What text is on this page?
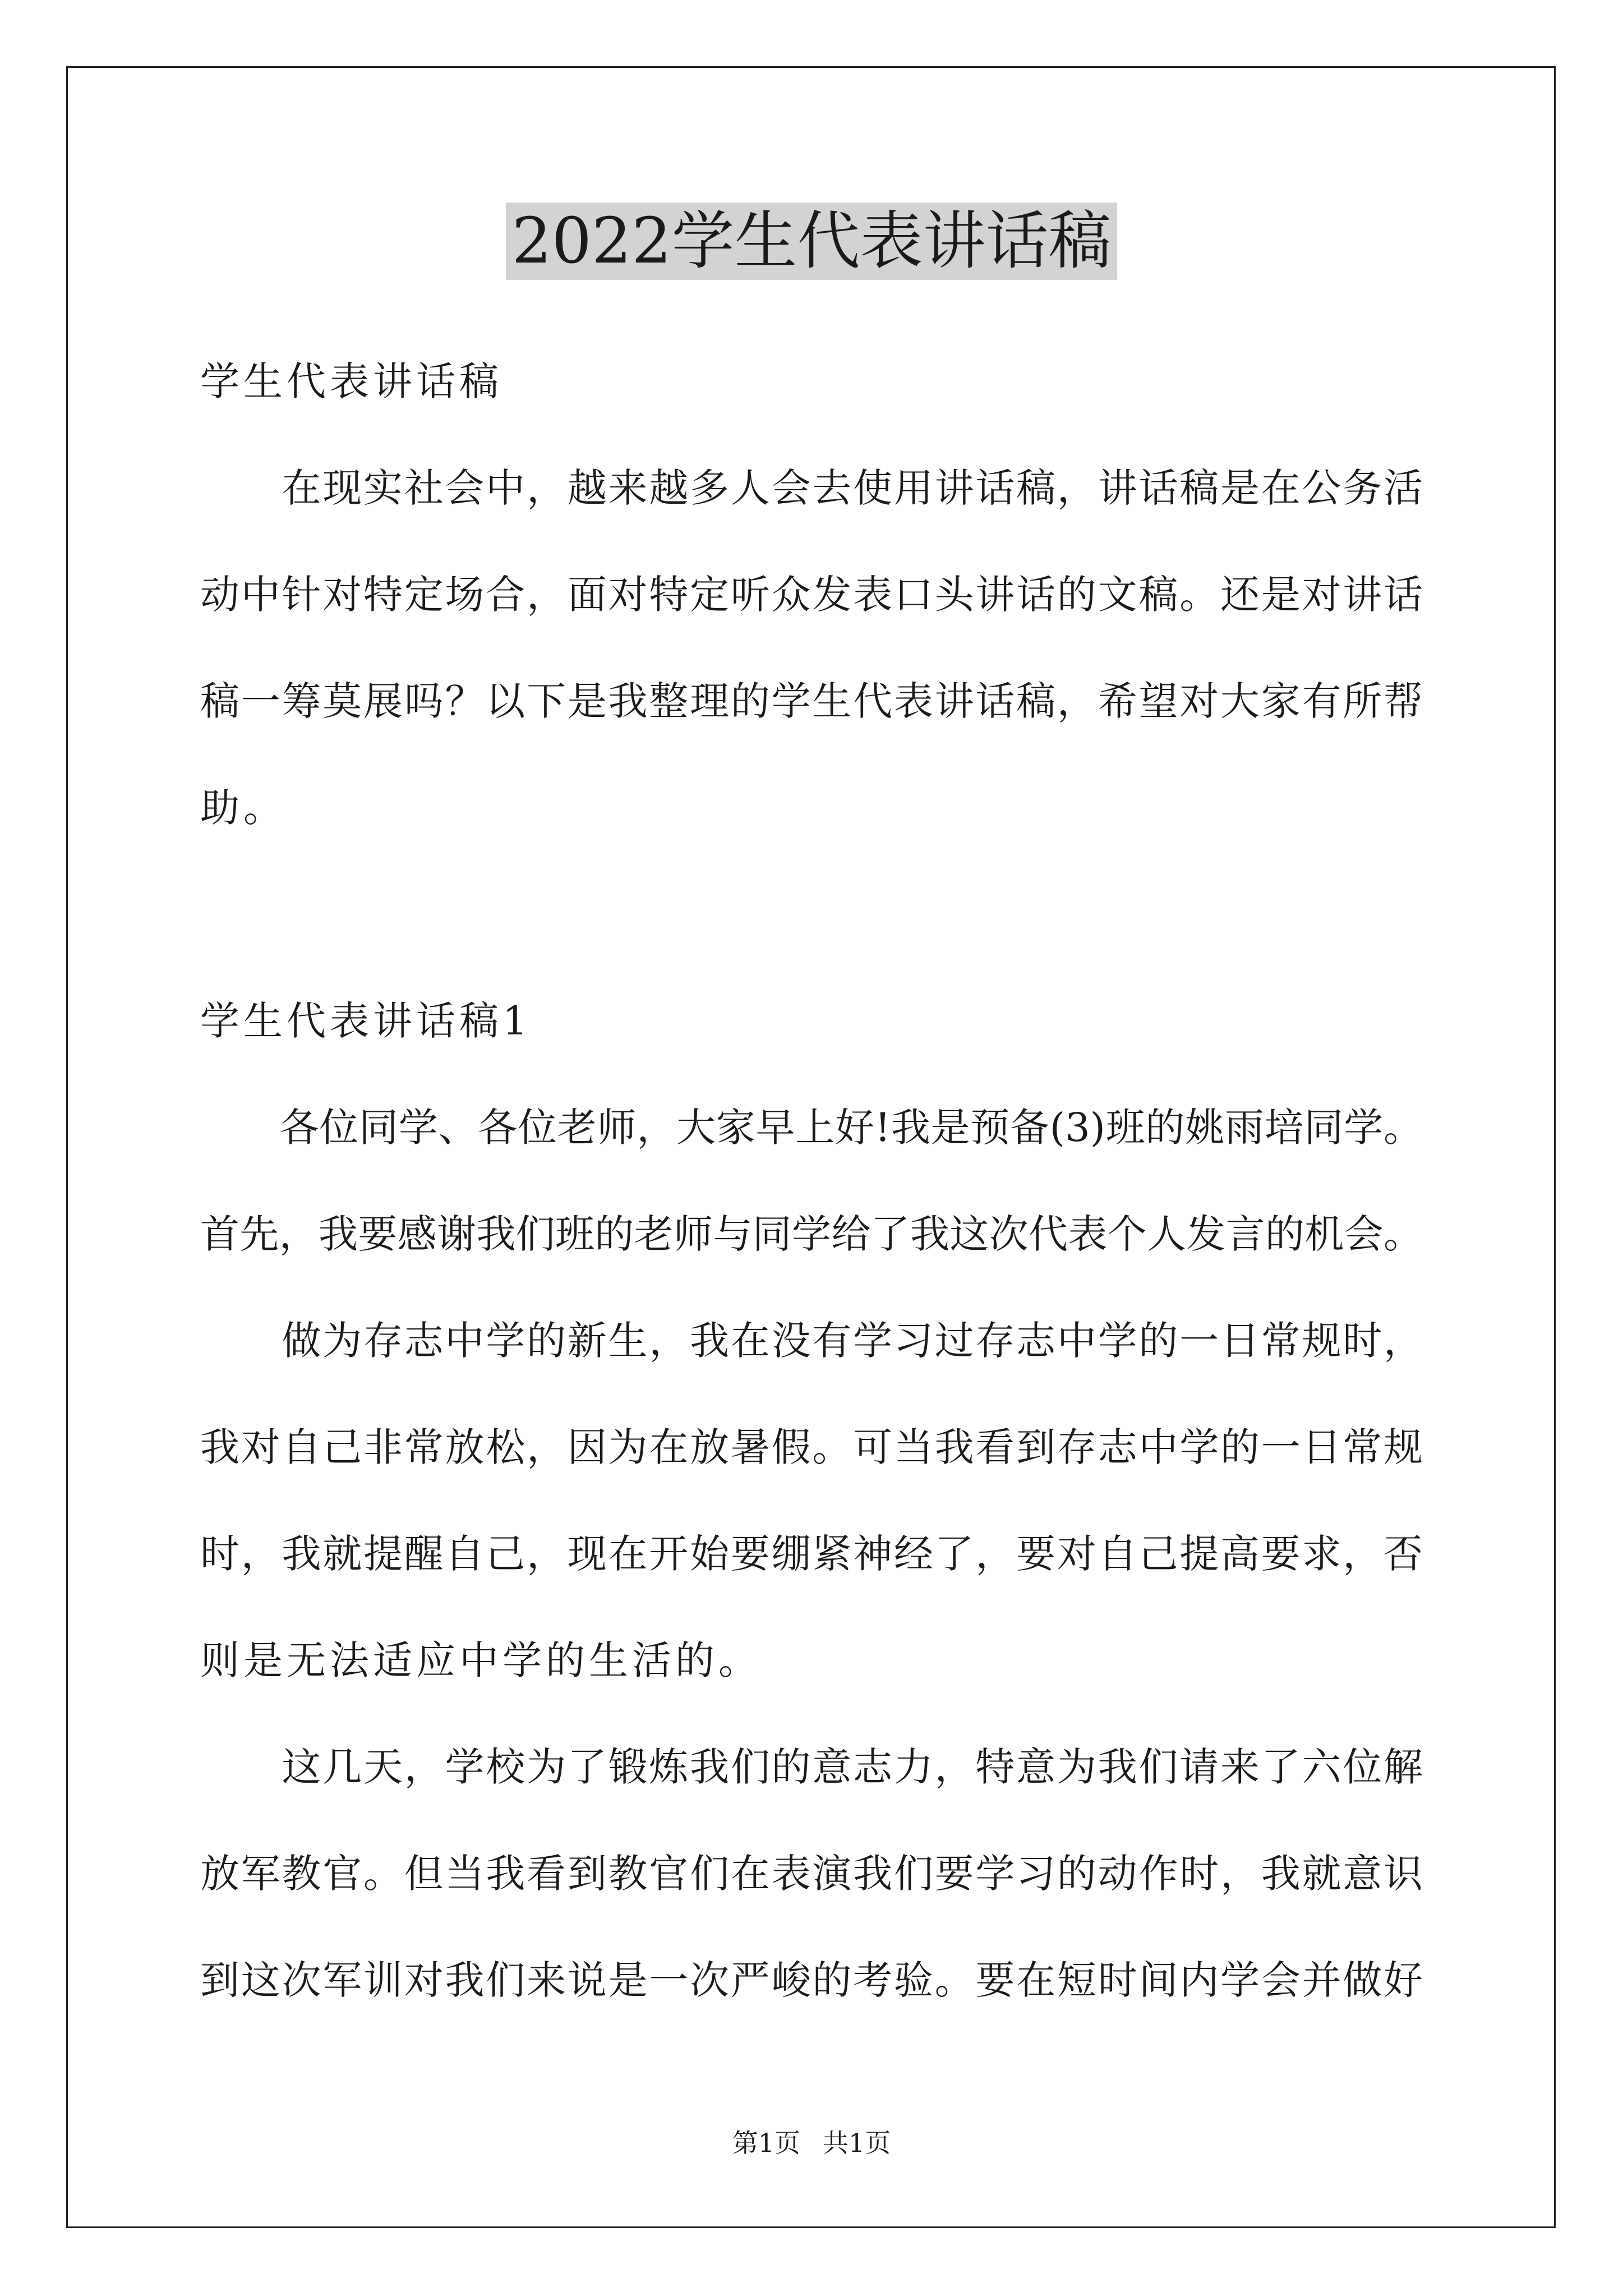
2022学生代表讲话稿
学生代表讲话稿
　　在现实社会中，越来越多人会去使用讲话稿，讲话稿是在公务活
动中针对特定场合，面对特定听众发表口头讲话的文稿。还是对讲话
稿一筹莫展吗？以下是我整理的学生代表讲话稿，希望对大家有所帮
助。
学生代表讲话稿1
　　各位同学、各位老师，大家早上好!我是预备(3)班的姚雨培同学。
首先，我要感谢我们班的老师与同学给了我这次代表个人发言的机会。
　　做为存志中学的新生，我在没有学习过存志中学的一日常规时，
我对自己非常放松，因为在放暑假。可当我看到存志中学的一日常规
时，我就提醒自己，现在开始要绷紧神经了，要对自己提高要求，否
则是无法适应中学的生活的。
　　这几天，学校为了锻炼我们的意志力，特意为我们请来了六位解
放军教官。但当我看到教官们在表演我们要学习的动作时，我就意识
到这次军训对我们来说是一次严峻的考验。要在短时间内学会并做好
第1页 共1页
